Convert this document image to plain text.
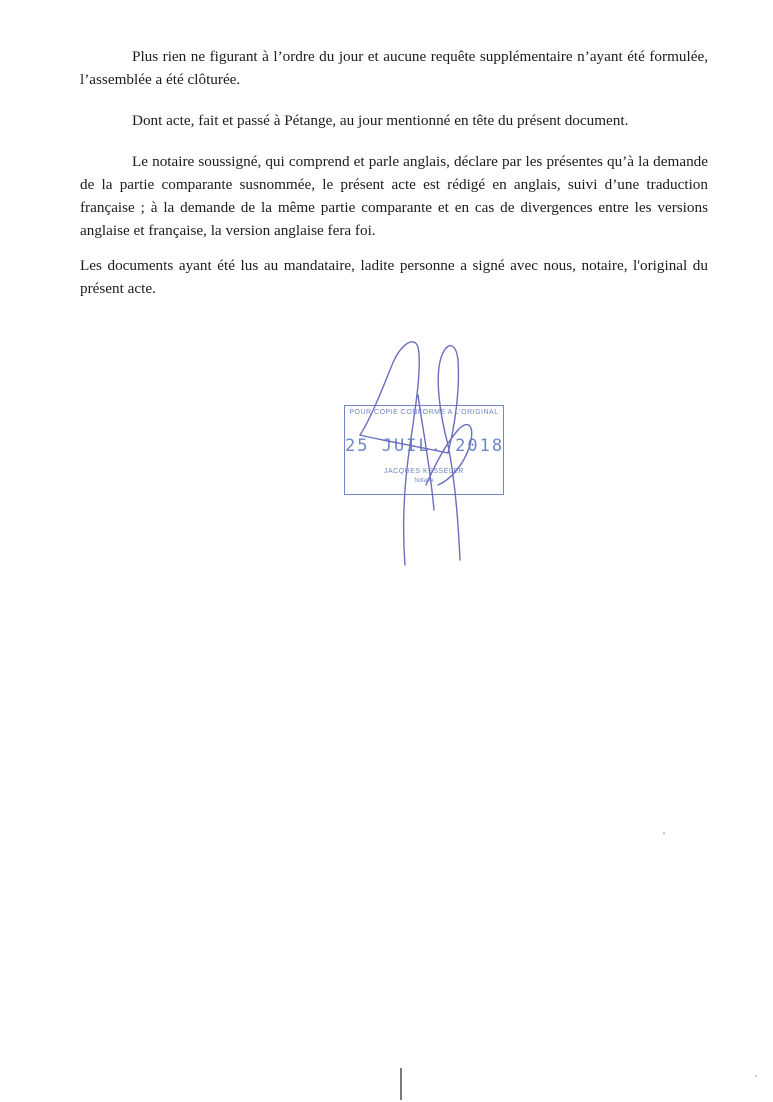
Plus rien ne figurant à l’ordre du jour et aucune requête supplémentaire n’ayant été formulée, l’assemblée a été clôturée.

Dont acte, fait et passé à Pétange, au jour mentionné en tête du présent document.

Le notaire soussigné, qui comprend et parle anglais, déclare par les présentes qu’à la demande de la partie comparante susnommée, le présent acte est rédigé en anglais, suivi d’une traduction française ; à la demande de la même partie comparante et en cas de divergences entre les versions anglaise et française, la version anglaise fera foi.

Les documents ayant été lus au mandataire, ladite personne a signé avec nous, notaire, l'original du présent acte.

POUR COPIE CONFORME A L'ORIGINAL
25 JUIL. 2018
JACQUES KESSELER
Notaire
